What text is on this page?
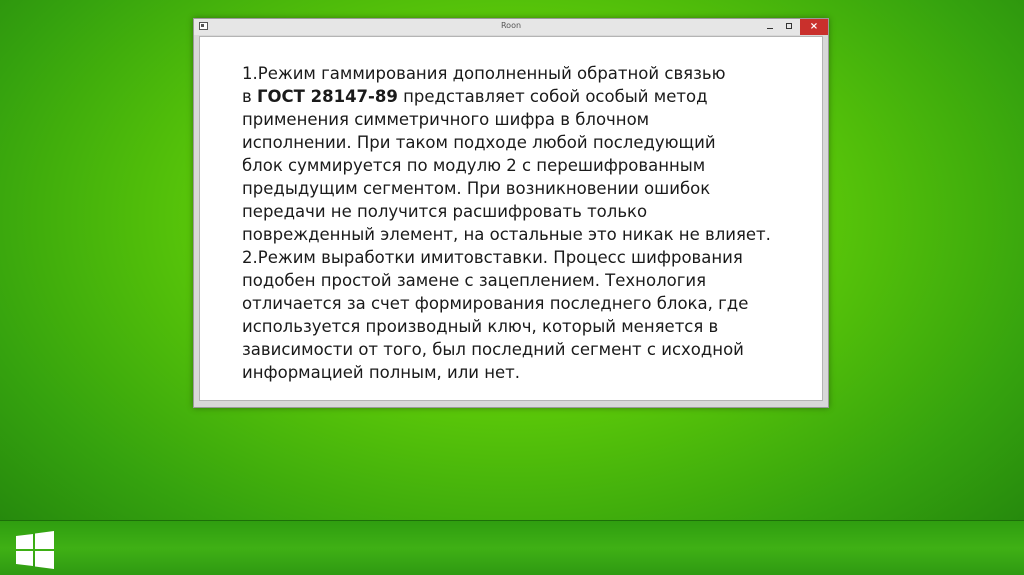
Roon	×

1.Режим гаммирования дополненный обратной связью
в ГОСТ 28147-89 представляет собой особый метод
применения симметричного шифра в блочном
исполнении. При таком подходе любой последующий
блок суммируется по модулю 2 с перешифрованным
предыдущим сегментом. При возникновении ошибок
передачи не получится расшифровать только
поврежденный элемент, на остальные это никак не влияет.
2.Режим выработки имитовставки. Процесс шифрования
подобен простой замене с зацеплением. Технология
отличается за счет формирования последнего блока, где
используется производный ключ, который меняется в
зависимости от того, был последний сегмент с исходной
информацией полным, или нет.
